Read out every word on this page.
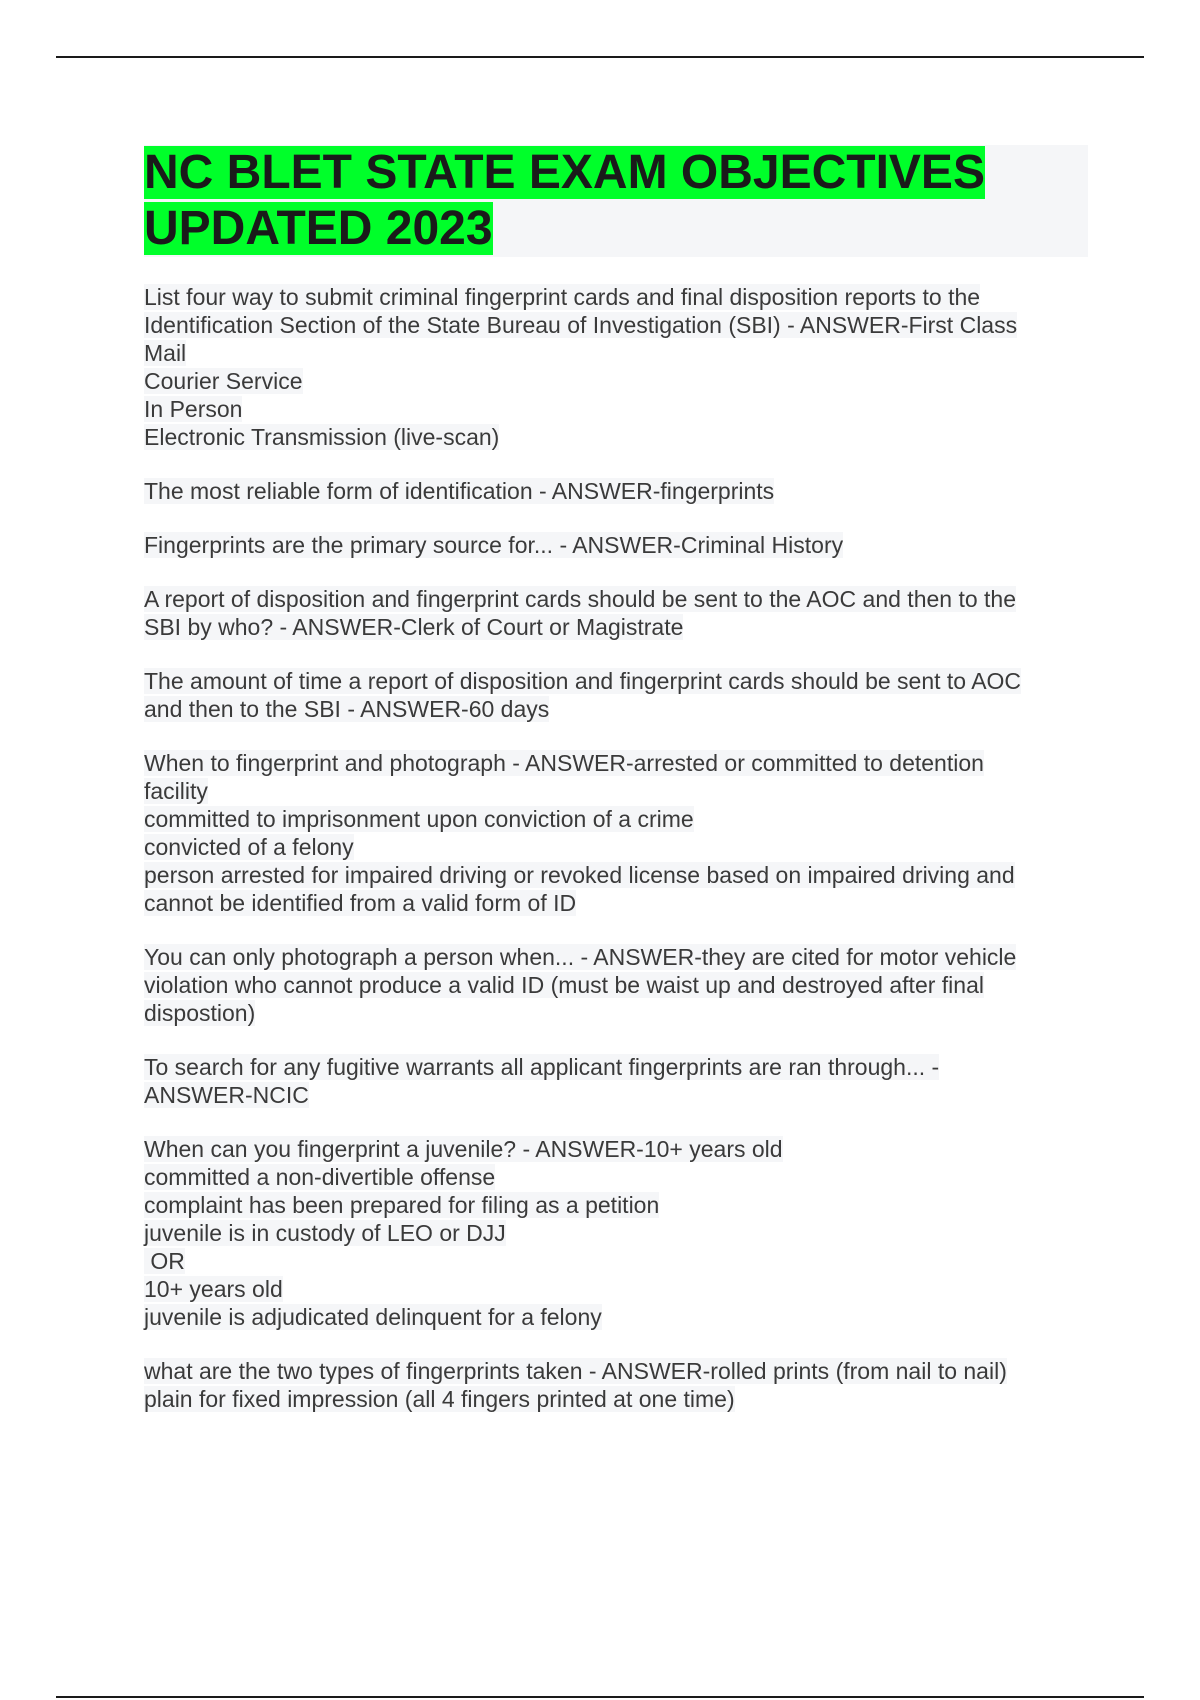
NC BLET STATE EXAM OBJECTIVES
UPDATED 2023
List four way to submit criminal fingerprint cards and final disposition reports to the
Identification Section of the State Bureau of Investigation (SBI) - ANSWER-First Class
Mail
Courier Service
In Person
Electronic Transmission (live-scan)
The most reliable form of identification - ANSWER-fingerprints
Fingerprints are the primary source for... - ANSWER-Criminal History
A report of disposition and fingerprint cards should be sent to the AOC and then to the
SBI by who? - ANSWER-Clerk of Court or Magistrate
The amount of time a report of disposition and fingerprint cards should be sent to AOC
and then to the SBI - ANSWER-60 days
When to fingerprint and photograph - ANSWER-arrested or committed to detention
facility
committed to imprisonment upon conviction of a crime
convicted of a felony
person arrested for impaired driving or revoked license based on impaired driving and
cannot be identified from a valid form of ID
You can only photograph a person when... - ANSWER-they are cited for motor vehicle
violation who cannot produce a valid ID (must be waist up and destroyed after final
dispostion)
To search for any fugitive warrants all applicant fingerprints are ran through... -
ANSWER-NCIC
When can you fingerprint a juvenile? - ANSWER-10+ years old
committed a non-divertible offense
complaint has been prepared for filing as a petition
juvenile is in custody of LEO or DJJ
OR
10+ years old
juvenile is adjudicated delinquent for a felony
what are the two types of fingerprints taken - ANSWER-rolled prints (from nail to nail)
plain for fixed impression (all 4 fingers printed at one time)
